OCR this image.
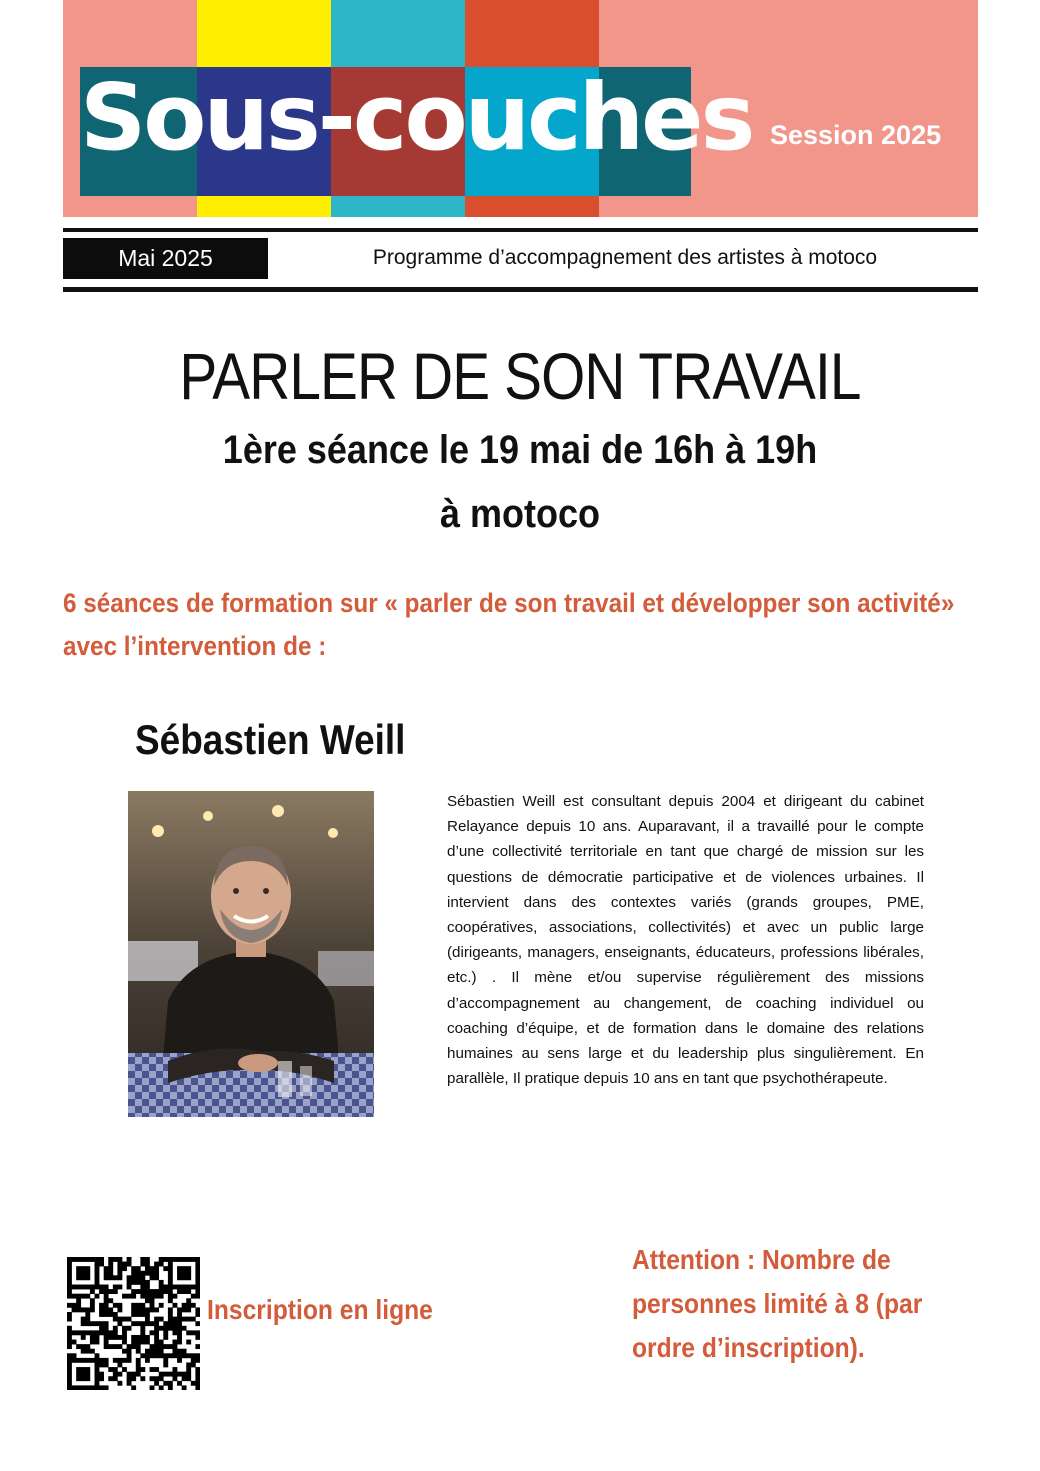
Sous-couches Session 2025
Mai 2025	Programme d’accompagnement des artistes à motoco
PARLER DE SON TRAVAIL
1ère séance le 19 mai de 16h à 19h
à motoco
6 séances de formation sur « parler de son travail et développer son activité»
avec l’intervention de :
Sébastien Weill

Sébastien Weill est consultant depuis 2004 et dirigeant du cabinet Relayance depuis 10 ans. Auparavant, il a travaillé pour le compte d’une collectivité territoriale en tant que chargé de mission sur les questions de démocratie participative et de violences urbaines. Il intervient dans des contextes variés (grands groupes, PME, coopératives, associations, collectivités) et avec un public large (dirigeants, managers, enseignants, éducateurs, professions libérales, etc.) . Il mène et/ou supervise régulièrement des missions d’accompagnement au changement, de coaching individuel ou coaching d’équipe, et de formation dans le domaine des relations humaines au sens large et du leadership plus singulièrement. En parallèle, Il pratique depuis 10 ans en tant que psychothérapeute.

Inscription en ligne

Attention : Nombre de personnes limité à 8 (par ordre d’inscription).
